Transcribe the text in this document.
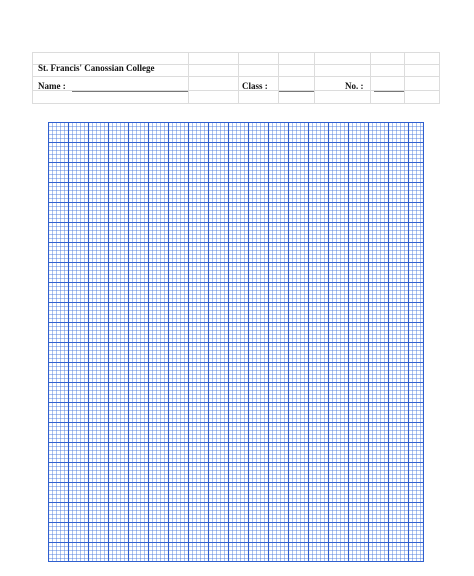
St. Francis' Canossian College
Name :	Class :	No. :
